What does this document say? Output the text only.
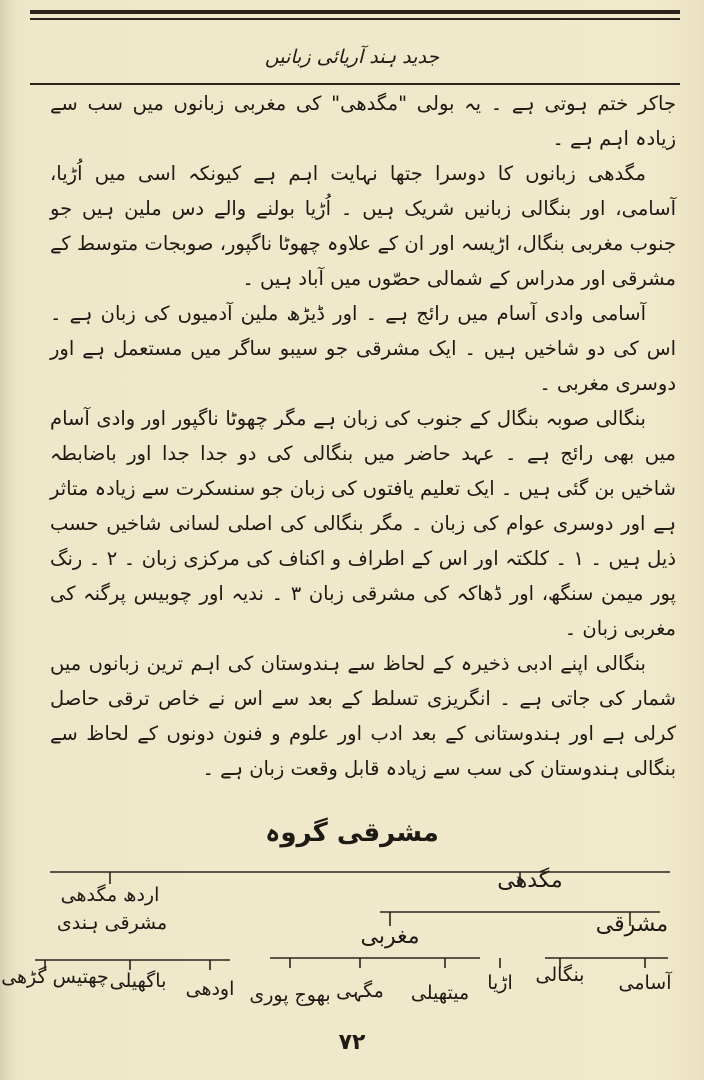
جدید ہند آریائی زبانیں

جاکر ختم ہوتی ہے ۔ یہ بولی "مگدھی" کی مغربی زبانوں میں سب سے زیادہ اہم ہے ۔

مگدھی زبانوں کا دوسرا جتھا نہایت اہم ہے کیونکہ اسی میں اُڑیا، آسامی، اور بنگالی زبانیں شریک ہیں ۔ اُڑیا بولنے والے دس ملین ہیں جو جنوب مغربی بنگال، اڑیسہ اور ان کے علاوہ چھوٹا ناگپور، صوبجات متوسط کے مشرقی اور مدراس کے شمالی حصّوں میں آباد ہیں ۔

آسامی وادی آسام میں رائج ہے ۔ اور ڈیڑھ ملین آدمیوں کی زبان ہے ۔ اس کی دو شاخیں ہیں ۔ ایک مشرقی جو سیبو ساگر میں مستعمل ہے اور دوسری مغربی ۔

بنگالی صوبہ بنگال کے جنوب کی زبان ہے مگر چھوٹا ناگپور اور وادی آسام میں بھی رائج ہے ۔ عہد حاضر میں بنگالی کی دو جدا جدا اور باضابطہ شاخیں بن گئی ہیں ۔ ایک تعلیم یافتوں کی زبان جو سنسکرت سے زیادہ متاثر ہے اور دوسری عوام کی زبان ۔ مگر بنگالی کی اصلی لسانی شاخیں حسب ذیل ہیں ۔ ۱ ۔ کلکتہ اور اس کے اطراف و اکناف کی مرکزی زبان ۔ ۲ ۔ رنگ پور میمن سنگھ، اور ڈھاکہ کی مشرقی زبان ۳ ۔ ندیہ اور چوبیس پرگنہ کی مغربی زبان ۔

بنگالی اپنے ادبی ذخیرہ کے لحاظ سے ہندوستان کی اہم ترین زبانوں میں شمار کی جاتی ہے ۔ انگریزی تسلط کے بعد سے اس نے خاص ترقی حاصل کرلی ہے اور ہندوستانی کے بعد ادب اور علوم و فنون دونوں کے لحاظ سے بنگالی ہندوستان کی سب سے زیادہ قابل وقعت زبان ہے ۔

مشرقی گروہ
مگدھی
اردھ مگدھی
مشرقی ہندی
مغربی	مشرقی
آسامی
بنگالی
اڑیا
میتھیلی
مگہی
بھوج پوری
اودھی
باگھیلی
چھتیس گڑھی
۷۲
